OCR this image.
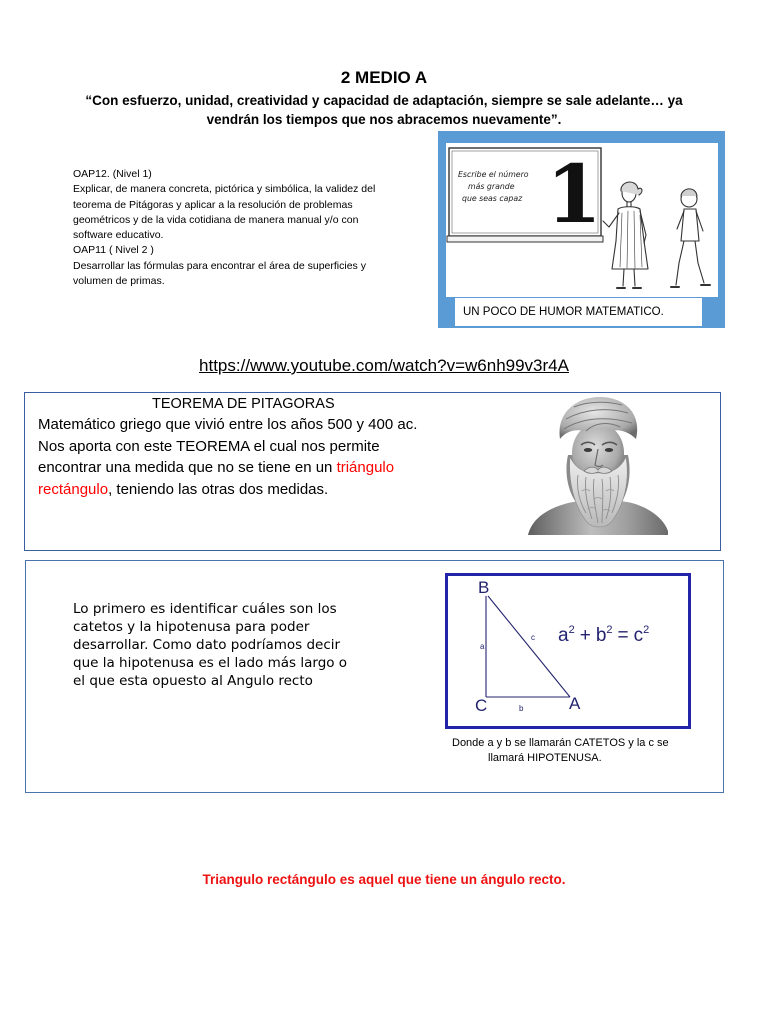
2 MEDIO A
“Con esfuerzo, unidad, creatividad y capacidad de adaptación, siempre se sale adelante… ya
vendrán los tiempos que nos abracemos nuevamente”.
OAP12. (Nivel 1)
Explicar, de manera concreta, pictórica y simbólica, la validez del
teorema de Pitágoras y aplicar a la resolución de problemas
geométricos y de la vida cotidiana de manera manual y/o con
software educativo.
OAP11 ( Nivel 2 )
Desarrollar las fórmulas para encontrar el área de superficies y
volumen de primas.
Escribe el número
más grande
que seas capaz 1
UN POCO DE HUMOR MATEMATICO.
https://www.youtube.com/watch?v=w6nh99v3r4A
TEOREMA DE PITAGORAS
Matemático griego que vivió entre los años 500 y 400 ac.
Nos aporta con este TEOREMA el cual nos permite
encontrar una medida que no se tiene en un triángulo
rectángulo, teniendo las otras dos medidas.
Lo primero es identificar cuáles son los
catetos y la hipotenusa para poder
desarrollar. Como dato podríamos decir
que la hipotenusa es el lado más largo o
el que esta opuesto al Angulo recto
B
C	A
a
b
c $a^2 + b^2 = c^2$
Donde a y b se llamarán CATETOS y la c se
llamará HIPOTENUSA.
Triangulo rectángulo es aquel que tiene un ángulo recto.
